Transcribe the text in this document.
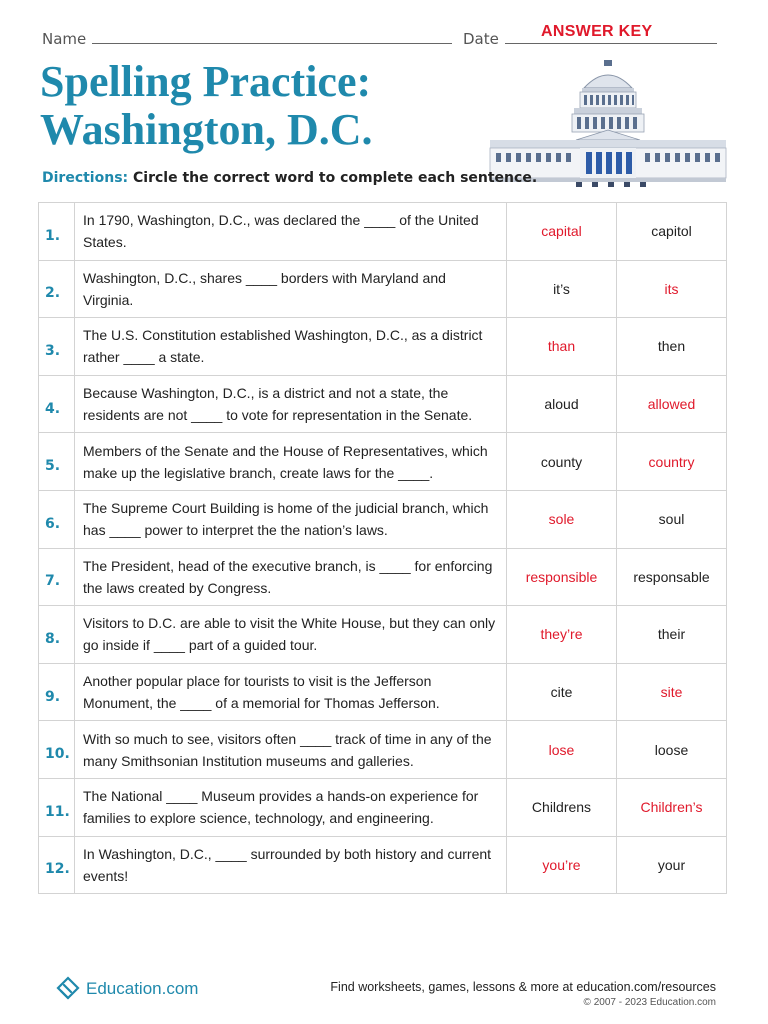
Name	Date	ANSWER KEY
Spelling Practice:
Washington, D.C.
Directions: Circle the correct word to complete each sentence.
1.	In 1790, Washington, D.C., was declared the ____ of the United States.	capital	capitol
2.	Washington, D.C., shares ____ borders with Maryland and Virginia.	it’s	its
3.	The U.S. Constitution established Washington, D.C., as a district rather ____ a state.	than	then
4.	Because Washington, D.C., is a district and not a state, the residents are not ____ to vote for representation in the Senate.	aloud	allowed
5.	Members of the Senate and the House of Representatives, which make up the legislative branch, create laws for the ____.	county	country
6.	The Supreme Court Building is home of the judicial branch, which has ____ power to interpret the the nation’s laws.	sole	soul
7.	The President, head of the executive branch, is ____ for enforcing the laws created by Congress.	responsible	responsable
8.	Visitors to D.C. are able to visit the White House, but they can only go inside if ____ part of a guided tour.	they’re	their
9.	Another popular place for tourists to visit is the Jefferson Monument, the ____ of a memorial for Thomas Jefferson.	cite	site
10.	With so much to see, visitors often ____ track of time in any of the many Smithsonian Institution museums and galleries.	lose	loose
11.	The National ____ Museum provides a hands-on experience for families to explore science, technology, and engineering.	Childrens	Children’s
12.	In Washington, D.C., ____ surrounded by both history and current events!	you’re	your
Education.com	Find worksheets, games, lessons & more at education.com/resources
© 2007 - 2023 Education.com
